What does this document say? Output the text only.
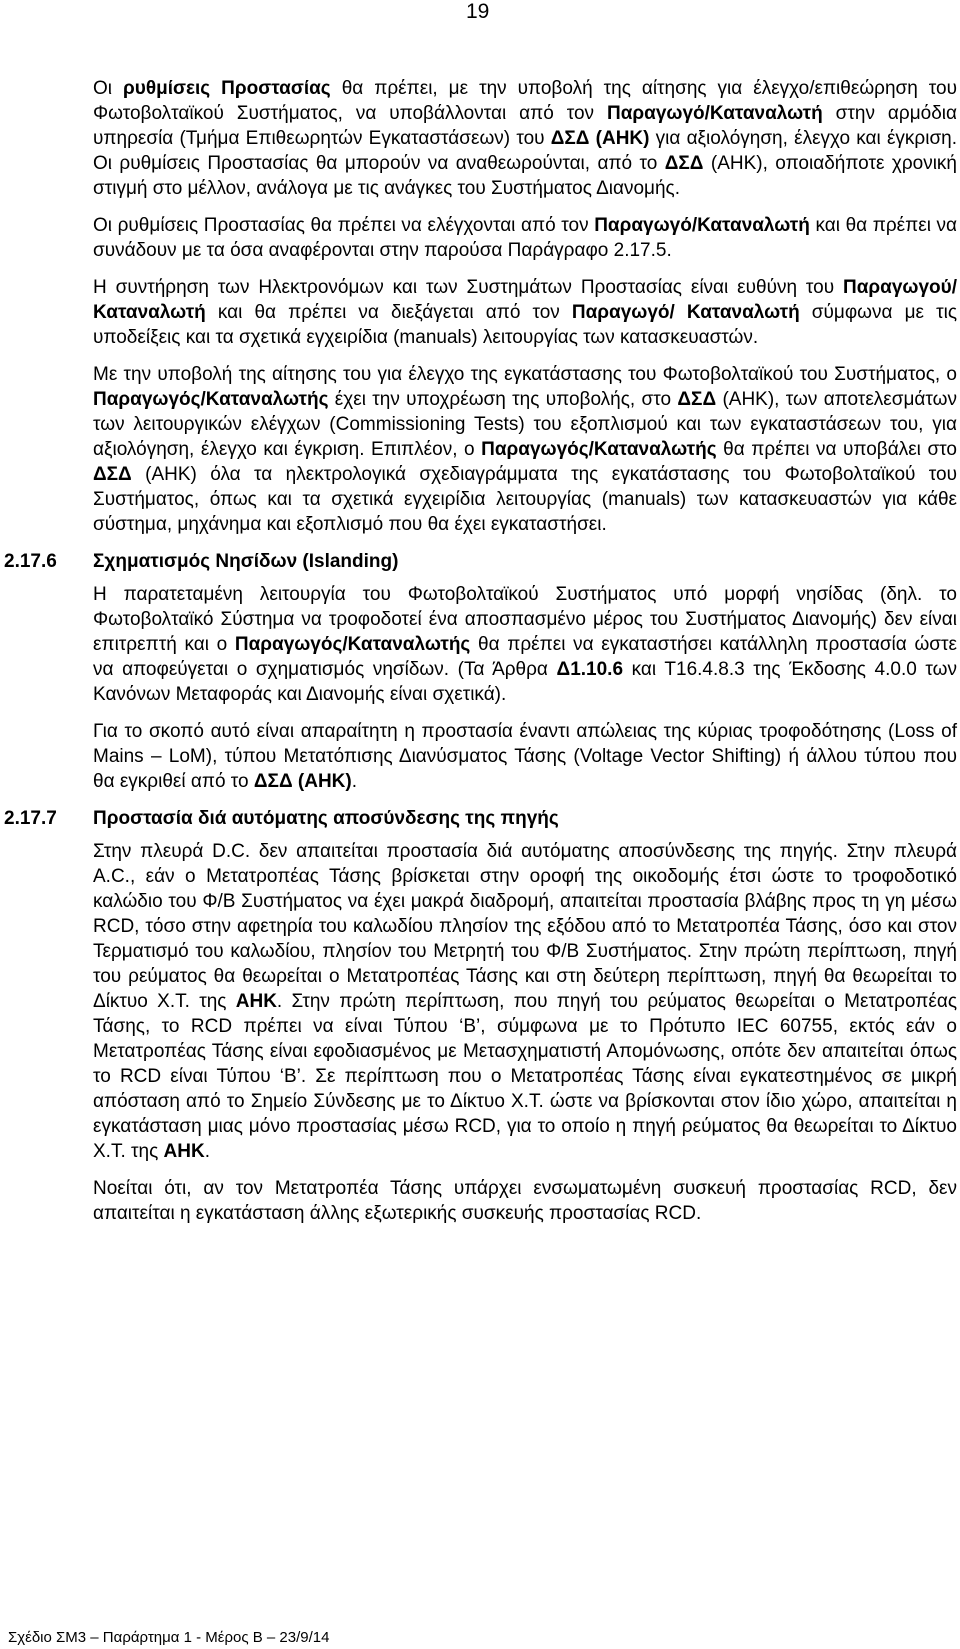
19

Οι ρυθμίσεις Προστασίας θα πρέπει, με την υποβολή της αίτησης για έλεγχο/επιθεώρηση του Φωτοβολταϊκού Συστήματος, να υποβάλλονται από τον Παραγωγό/Καταναλωτή στην αρμόδια υπηρεσία (Τμήμα Επιθεωρητών Εγκαταστάσεων) του ΔΣΔ (ΑΗΚ) για αξιολόγηση, έλεγχο και έγκριση. Οι ρυθμίσεις Προστασίας θα μπορούν να αναθεωρούνται, από το ΔΣΔ (ΑΗΚ), οποιαδήποτε χρονική στιγμή στο μέλλον, ανάλογα με τις ανάγκες του Συστήματος Διανομής.

Οι ρυθμίσεις Προστασίας θα πρέπει να ελέγχονται από τον Παραγωγό/Καταναλωτή και θα πρέπει να συνάδουν με τα όσα αναφέρονται στην παρούσα Παράγραφο 2.17.5.

Η συντήρηση των Ηλεκτρονόμων και των Συστημάτων Προστασίας είναι ευθύνη του Παραγωγού/Καταναλωτή και θα πρέπει να διεξάγεται από τον Παραγωγό/ Καταναλωτή σύμφωνα με τις υποδείξεις και τα σχετικά εγχειρίδια (manuals) λειτουργίας των κατασκευαστών.

Με την υποβολή της αίτησης του για έλεγχο της εγκατάστασης του Φωτοβολταϊκού του Συστήματος, ο Παραγωγός/Καταναλωτής έχει την υποχρέωση της υποβολής, στο ΔΣΔ (ΑΗΚ), των αποτελεσμάτων των λειτουργικών ελέγχων (Commissioning Tests) του εξοπλισμού και των εγκαταστάσεων του, για αξιολόγηση, έλεγχο και έγκριση. Επιπλέον, ο Παραγωγός/Καταναλωτής θα πρέπει να υποβάλει στο ΔΣΔ (ΑΗΚ) όλα τα ηλεκτρολογικά σχεδιαγράμματα της εγκατάστασης του Φωτοβολταϊκού του Συστήματος, όπως και τα σχετικά εγχειρίδια λειτουργίας (manuals) των κατασκευαστών για κάθε σύστημα, μηχάνημα και εξοπλισμό που θα έχει εγκαταστήσει.

2.17.6 Σχηματισμός Νησίδων (Islanding)

Η παρατεταμένη λειτουργία του Φωτοβολταϊκού Συστήματος υπό μορφή νησίδας (δηλ. το Φωτοβολταϊκό Σύστημα να τροφοδοτεί ένα αποσπασμένο μέρος του Συστήματος Διανομής) δεν είναι επιτρεπτή και ο Παραγωγός/Καταναλωτής θα πρέπει να εγκαταστήσει κατάλληλη προστασία ώστε να αποφεύγεται ο σχηματισμός νησίδων. (Τα Άρθρα Δ1.10.6 και Τ16.4.8.3 της Έκδοσης 4.0.0 των Κανόνων Μεταφοράς και Διανομής είναι σχετικά).

Για το σκοπό αυτό είναι απαραίτητη η προστασία έναντι απώλειας της κύριας τροφοδότησης (Loss of Mains – LoM), τύπου Μετατόπισης Διανύσματος Τάσης (Voltage Vector Shifting) ή άλλου τύπου που θα εγκριθεί από το ΔΣΔ (ΑΗΚ).

2.17.7 Προστασία διά αυτόματης αποσύνδεσης της πηγής

Στην πλευρά D.C. δεν απαιτείται προστασία διά αυτόματης αποσύνδεσης της πηγής. Στην πλευρά A.C., εάν ο Μετατροπέας Τάσης βρίσκεται στην οροφή της οικοδομής έτσι ώστε το τροφοδοτικό καλώδιο του Φ/Β Συστήματος να έχει μακρά διαδρομή, απαιτείται προστασία βλάβης προς τη γη μέσω RCD, τόσο στην αφετηρία του καλωδίου πλησίον της εξόδου από το Μετατροπέα Τάσης, όσο και στον Τερματισμό του καλωδίου, πλησίον του Μετρητή του Φ/Β Συστήματος. Στην πρώτη περίπτωση, πηγή του ρεύματος θα θεωρείται ο Μετατροπέας Τάσης και στη δεύτερη περίπτωση, πηγή θα θεωρείται το Δίκτυο Χ.Τ. της ΑΗΚ. Στην πρώτη περίπτωση, που πηγή του ρεύματος θεωρείται ο Μετατροπέας Τάσης, το RCD πρέπει να είναι Τύπου ‘Β’, σύμφωνα με το Πρότυπο IEC 60755, εκτός εάν ο Μετατροπέας Τάσης είναι εφοδιασμένος με Μετασχηματιστή Απομόνωσης, οπότε δεν απαιτείται όπως το RCD είναι Τύπου ‘Β’. Σε περίπτωση που ο Μετατροπέας Τάσης είναι εγκατεστημένος σε μικρή απόσταση από το Σημείο Σύνδεσης με το Δίκτυο Χ.Τ. ώστε να βρίσκονται στον ίδιο χώρο, απαιτείται η εγκατάσταση μιας μόνο προστασίας μέσω RCD, για το οποίο η πηγή ρεύματος θα θεωρείται το Δίκτυο Χ.Τ. της ΑΗΚ.

Νοείται ότι, αν τον Μετατροπέα Τάσης υπάρχει ενσωματωμένη συσκευή προστασίας RCD, δεν απαιτείται η εγκατάσταση άλλης εξωτερικής συσκευής προστασίας RCD.

Σχέδιο ΣΜ3 – Παράρτημα 1 - Μέρος Β – 23/9/14
